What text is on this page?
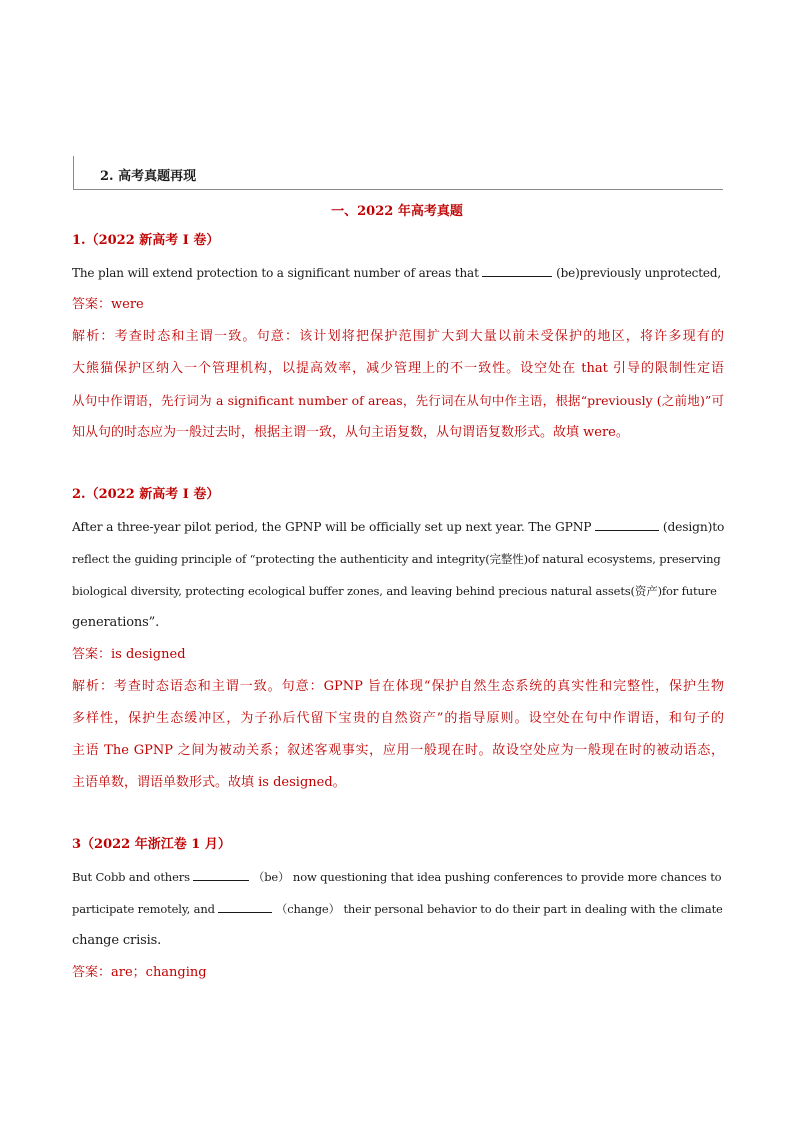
2. 高考真题再现
一、2022 年高考真题
1.（2022 新高考 I 卷）
The plan will extend protection to a significant number of areas that	(be)previously unprotected,
答案：were
解析：考查时态和主谓一致。句意：该计划将把保护范围扩大到大量以前未受保护的地区，将许多现有的
大熊猫保护区纳入一个管理机构，以提高效率，减少管理上的不一致性。设空处在 that 引导的限制性定语
从句中作谓语，先行词为 a significant number of areas，先行词在从句中作主语，根据“previously (之前地)”可
知从句的时态应为一般过去时，根据主谓一致，从句主语复数，从句谓语复数形式。故填 were。
2.（2022 新高考 I 卷）
After a three-year pilot period, the GPNP will be officially set up next year. The GPNP	(design)to
reflect the guiding principle of “protecting the authenticity and integrity(完整性)of natural ecosystems, preserving
biological diversity, protecting ecological buffer zones, and leaving behind precious natural assets(资产)for future
generations”.
答案：is designed
解析：考查时态语态和主谓一致。句意：GPNP 旨在体现“保护自然生态系统的真实性和完整性，保护生物
多样性，保护生态缓冲区，为子孙后代留下宝贵的自然资产”的指导原则。设空处在句中作谓语，和句子的
主语 The GPNP 之间为被动关系；叙述客观事实，应用一般现在时。故设空处应为一般现在时的被动语态，
主语单数，谓语单数形式。故填 is designed。
3（2022 年浙江卷 1 月）
But Cobb and others	（be） now questioning that idea pushing conferences to provide more chances to
participate remotely, and	（change） their personal behavior to do their part in dealing with the climate
change crisis.
答案：are；changing
